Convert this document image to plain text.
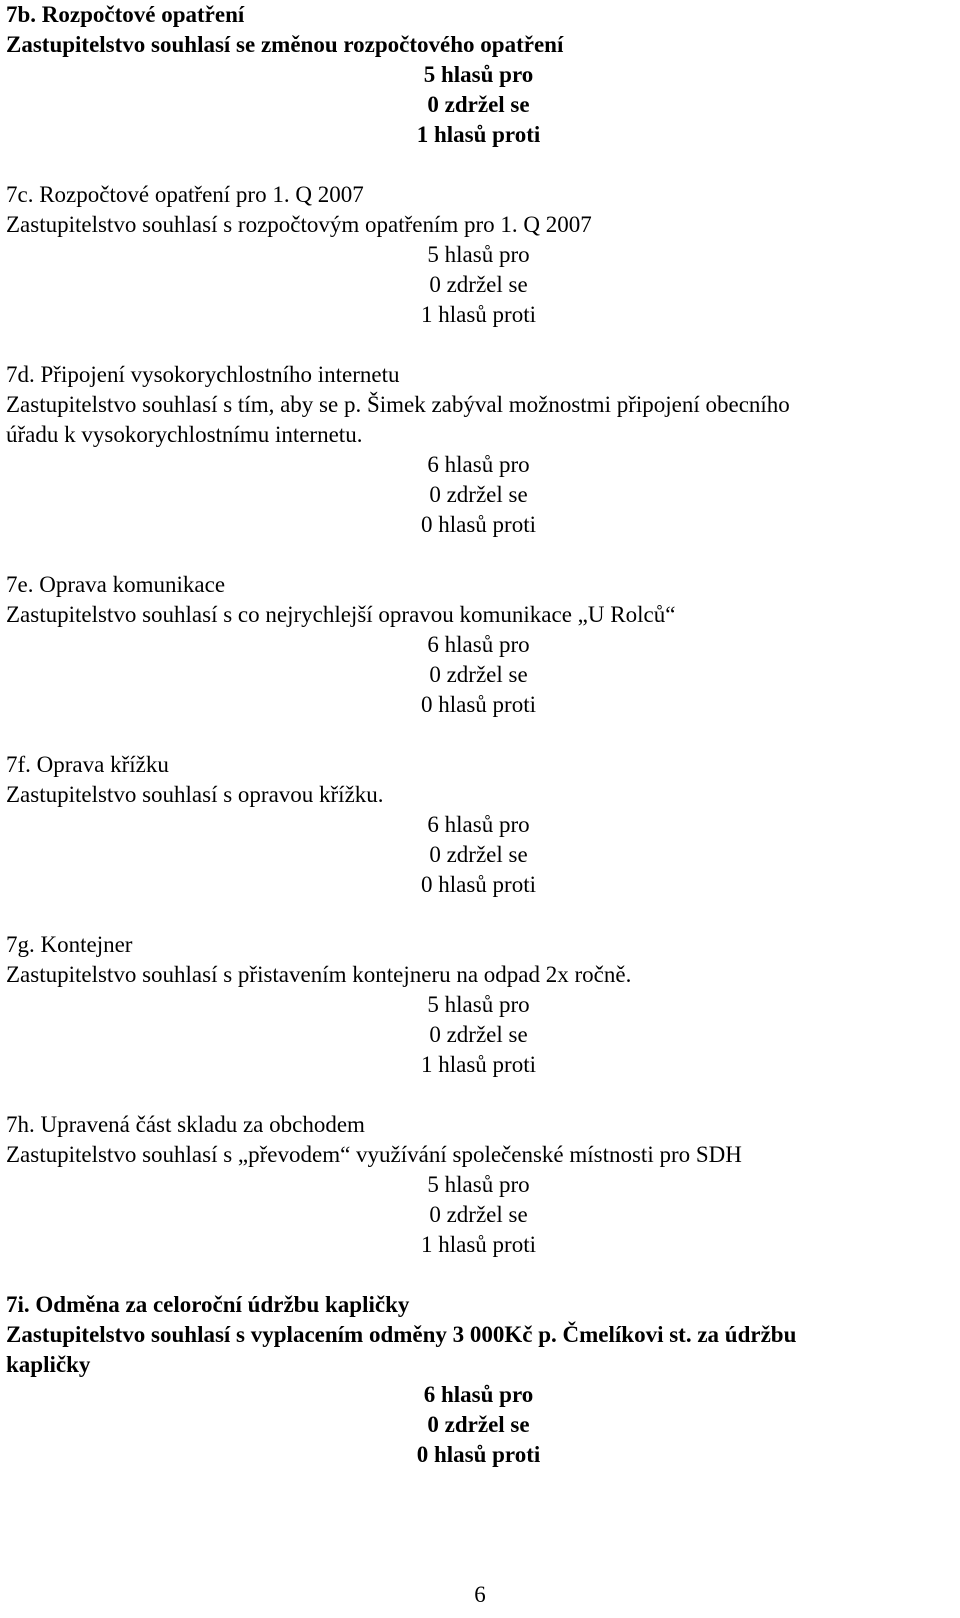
7b. Rozpočtové opatření
Zastupitelstvo souhlasí se změnou rozpočtového opatření
5 hlasů pro
0 zdržel se
1 hlasů proti
7c. Rozpočtové opatření pro 1. Q 2007
Zastupitelstvo souhlasí s rozpočtovým opatřením pro 1. Q 2007
5 hlasů pro
0 zdržel se
1 hlasů proti
7d. Připojení vysokorychlostního internetu
Zastupitelstvo souhlasí s tím, aby se p. Šimek zabýval možnostmi připojení obecního
úřadu k vysokorychlostnímu internetu.
6 hlasů pro
0 zdržel se
0 hlasů proti
7e. Oprava komunikace
Zastupitelstvo souhlasí s co nejrychlejší opravou komunikace „U Rolců“
6 hlasů pro
0 zdržel se
0 hlasů proti
7f. Oprava křížku
Zastupitelstvo souhlasí s opravou křížku.
6 hlasů pro
0 zdržel se
0 hlasů proti
7g. Kontejner
Zastupitelstvo souhlasí s přistavením kontejneru na odpad 2x ročně.
5 hlasů pro
0 zdržel se
1 hlasů proti
7h. Upravená část skladu za obchodem
Zastupitelstvo souhlasí s „převodem“ využívání společenské místnosti pro SDH
5 hlasů pro
0 zdržel se
1 hlasů proti
7i. Odměna za celoroční údržbu kapličky
Zastupitelstvo souhlasí s vyplacením odměny 3 000Kč p. Čmelíkovi st. za údržbu
kapličky
6 hlasů pro
0 zdržel se
0 hlasů proti
6
